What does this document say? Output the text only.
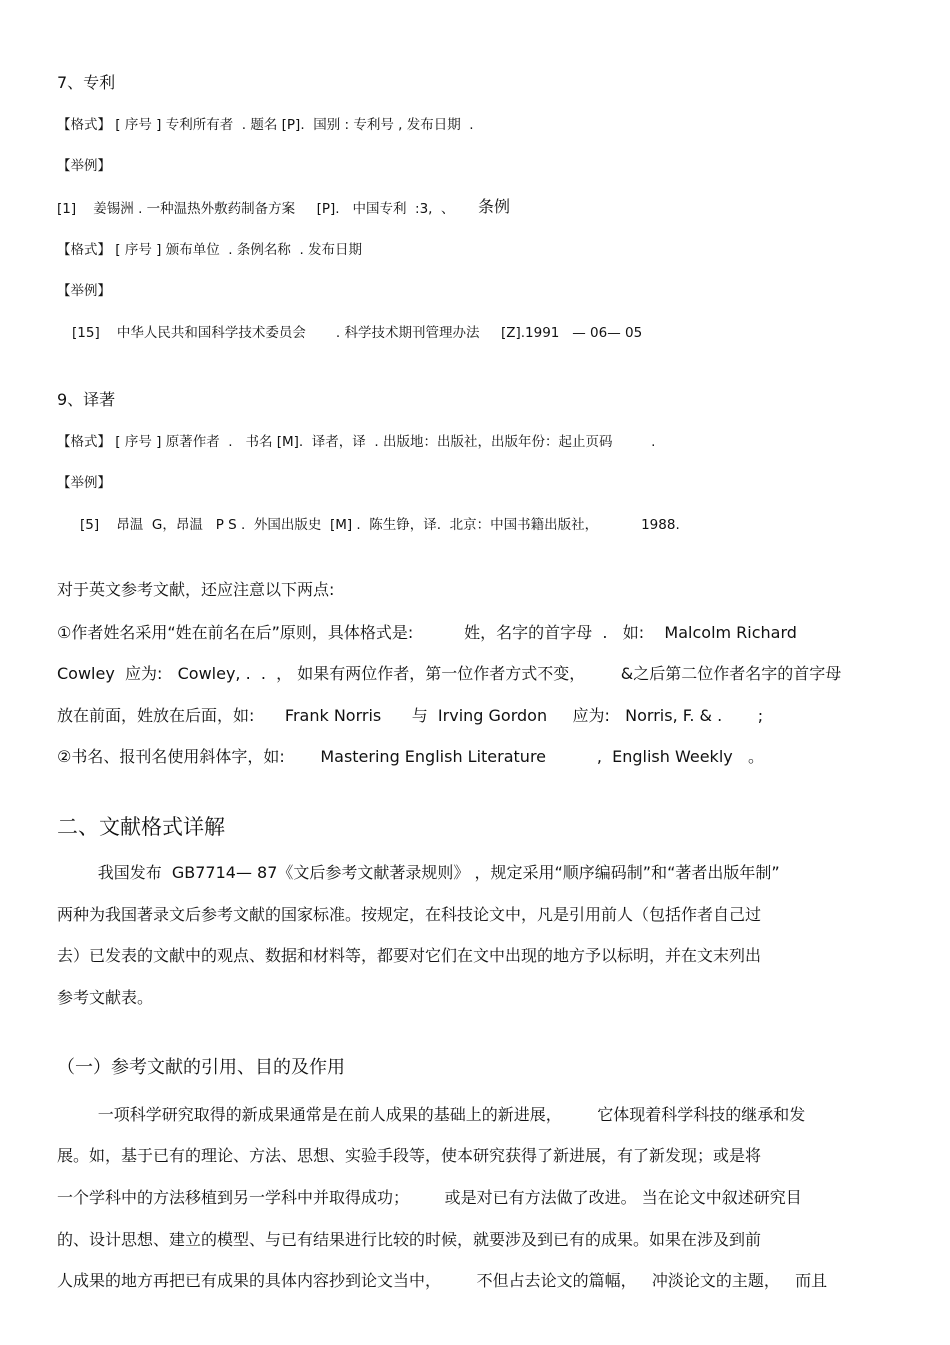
7、专利
【格式】 [ 序号 ] 专利所有者  . 题名 [P].  国别 : 专利号 , 发布日期  .
【举例】
[1]    姜锡洲 . 一种温热外敷药制备方案     [P].   中国专利  :3,  、 条例
【格式】 [ 序号 ] 颁布单位  . 条例名称  . 发布日期
【举例】
[15]    中华人民共和国科学技术委员会       . 科学技术期刊管理办法     [Z].1991   — 06— 05
9、译著
【格式】 [ 序号 ] 原著作者  .   书名 [M].  译者，译  . 出版地：出版社，出版年份：起止页码         .
【举例】
[5]    昂温  G，昂温   P S .  外国出版史  [M] .  陈生铮，译.  北京：中国书籍出版社，          1988.
对于英文参考文献，还应注意以下两点:
①作者姓名采用“姓在前名在后”原则，具体格式是:          姓，名字的首字母  .   如:    Malcolm Richard
Cowley  应为:   Cowley, .  .  ， 如果有两位作者，第一位作者方式不变，       &之后第二位作者名字的首字母
放在前面，姓放在后面，如:      Frank Norris      与  Irving Gordon     应为:   Norris, F. & .       ;
②书名、报刊名使用斜体字，如:       Mastering English Literature          ,  English Weekly   。
二、文献格式详解
我国发布  GB7714— 87《文后参考文献著录规则》 ，规定采用“顺序编码制”和“著者出版年制”
两种为我国著录文后参考文献的国家标准。按规定，在科技论文中，凡是引用前人（包括作者自己过
去）已发表的文献中的观点、数据和材料等，都要对它们在文中出现的地方予以标明，并在文末列出
参考文献表。
（一）参考文献的引用、目的及作用
一项科学研究取得的新成果通常是在前人成果的基础上的新进展，       它体现着科学科技的继承和发
展。如，基于已有的理论、方法、思想、实验手段等，使本研究获得了新进展，有了新发现；或是将
一个学科中的方法移植到另一学科中并取得成功；       或是对已有方法做了改进。 当在论文中叙述研究目
的、设计思想、建立的模型、与已有结果进行比较的时候，就要涉及到已有的成果。如果在涉及到前
人成果的地方再把已有成果的具体内容抄到论文当中，       不但占去论文的篇幅，   冲淡论文的主题，   而且
